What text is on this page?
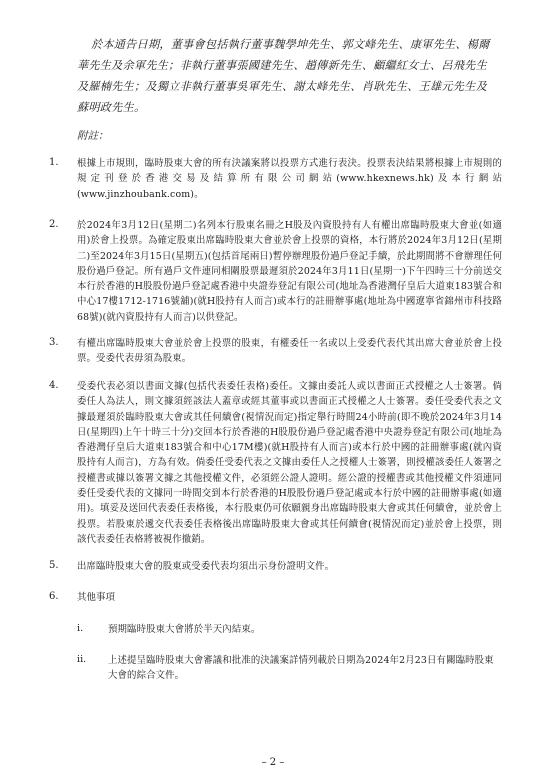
於本通告日期，董事會包括執行董事魏學坤先生、郭文峰先生、康軍先生、楊爾華先生及余軍先生；非執行董事張國建先生、趙傳新先生、顧繼紅女士、呂飛先生及羅楠先生；及獨立非執行董事吳軍先生、謝太峰先生、肖耿先生、王雄元先生及蘇明政先生。
附註：
1. 根據上市規則，臨時股東大會的所有決議案將以投票方式進行表決。投票表決結果將根據上市規則的規定刊登於香港交易及結算所有限公司網站(www.hkexnews.hk)及本行網站(www.jinzhoubank.com)。
2. 於2024年3月12日(星期二)名列本行股東名冊之H股及內資股持有人有權出席臨時股東大會並(如適用)於會上投票。為確定股東出席臨時股東大會並於會上投票的資格，本行將於2024年3月12日(星期二)至2024年3月15日(星期五)(包括首尾兩日)暫停辦理股份過戶登記手續，於此期間將不會辦理任何股份過戶登記。所有過戶文件連同相關股票最遲須於2024年3月11日(星期一)下午四時三十分前送交本行於香港的H股股份過戶登記處香港中央證券登記有限公司(地址為香港灣仔皇后大道東183號合和中心17樓1712-1716號舖)(就H股持有人而言)或本行的註冊辦事處(地址為中國遼寧省錦州市科技路68號)(就內資股持有人而言)以供登記。
3. 有權出席臨時股東大會並於會上投票的股東，有權委任一名或以上受委代表代其出席大會並於會上投票。受委代表毋須為股東。
4. 受委代表必須以書面文據(包括代表委任表格)委任。文據由委託人或以書面正式授權之人士簽署。倘委任人為法人，則文據須經該法人蓋章或經其董事或以書面正式授權之人士簽署。委任受委代表之文據最遲須於臨時股東大會或其任何續會(視情況而定)指定舉行時間24小時前(即不晚於2024年3月14日(星期四)上午十時三十分)交回本行於香港的H股股份過戶登記處香港中央證券登記有限公司(地址為香港灣仔皇后大道東183號合和中心17M樓)(就H股持有人而言)或本行於中國的註冊辦事處(就內資股持有人而言)，方為有效。倘委任受委代表之文據由委任人之授權人士簽署，則授權該委任人簽署之授權書或據以簽署文據之其他授權文件，必須經公證人證明。經公證的授權書或其他授權文件須連同委任受委代表的文據同一時間交到本行於香港的H股股份過戶登記處或本行於中國的註冊辦事處(如適用)。填妥及送回代表委任表格後，本行股東仍可依願親身出席臨時股東大會或其任何續會，並於會上投票。若股東於遞交代表委任表格後出席臨時股東大會或其任何續會(視情況而定)並於會上投票，則該代表委任表格將被視作撤銷。
5. 出席臨時股東大會的股東或受委代表均須出示身份證明文件。
6. 其他事項
i.	預期臨時股東大會將於半天內結束。
ii. 上述提呈臨時股東大會審議和批准的決議案詳情列載於日期為2024年2月23日有關臨時股東大會的綜合文件。
– 2 –
